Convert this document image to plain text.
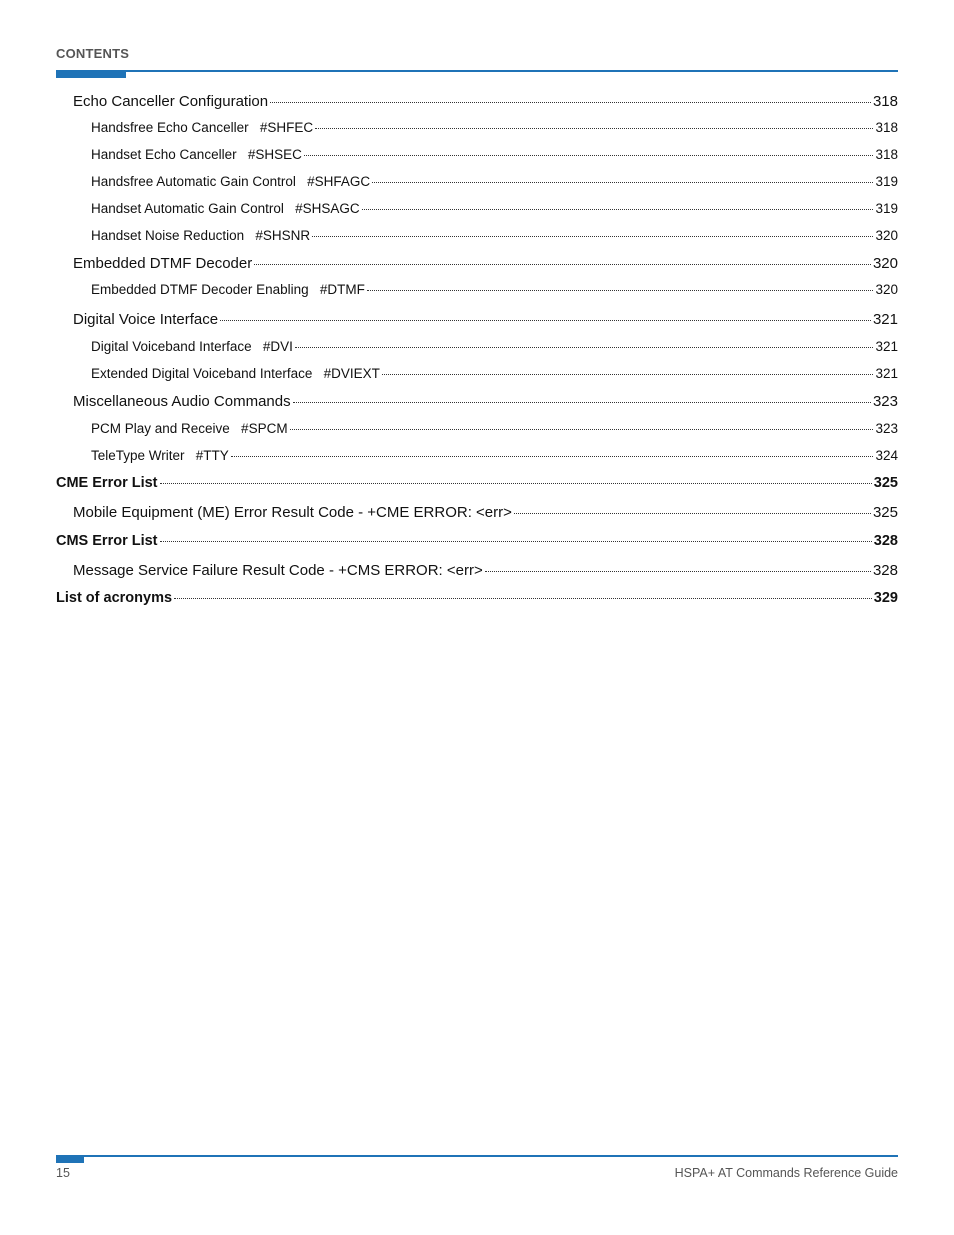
CONTENTS
Echo Canceller Configuration	318
Handsfree Echo Canceller   #SHFEC	318
Handset Echo Canceller   #SHSEC	318
Handsfree Automatic Gain Control   #SHFAGC	319
Handset Automatic Gain Control   #SHSAGC	319
Handset Noise Reduction   #SHSNR	320
Embedded DTMF Decoder	320
Embedded DTMF Decoder Enabling   #DTMF	320
Digital Voice Interface	321
Digital Voiceband Interface   #DVI	321
Extended Digital Voiceband Interface   #DVIEXT	321
Miscellaneous Audio Commands	323
PCM Play and Receive   #SPCM	323
TeleType Writer   #TTY	324
CME Error List	325
Mobile Equipment (ME) Error Result Code - +CME ERROR: <err>	325
CMS Error List	328
Message Service Failure Result Code - +CMS ERROR: <err>	328
List of acronyms	329
15	HSPA+ AT Commands Reference Guide
